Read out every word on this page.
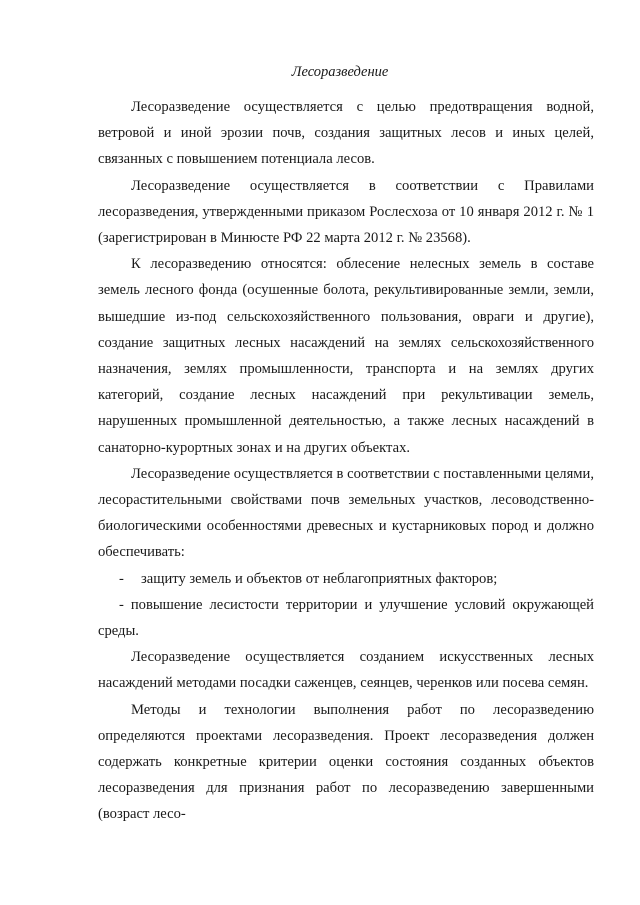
Лесоразведение

Лесоразведение осуществляется с целью предотвращения водной, ветровой и иной эрозии почв, создания защитных лесов и иных целей, связанных с повышением потенциала лесов.

Лесоразведение осуществляется в соответствии с Правилами лесоразведения, утвержденными приказом Рослесхоза от 10 января 2012 г. № 1 (зарегистрирован в Минюсте РФ 22 марта 2012 г. № 23568).

К лесоразведению относятся: облесение нелесных земель в составе земель лесного фонда (осушенные болота, рекультивированные земли, земли, вышедшие из-под сельскохозяйственного пользования, овраги и другие), создание защитных лесных насаждений на землях сельскохозяйственного назначения, землях промышленности, транспорта и на землях других категорий, создание лесных насаждений при рекультивации земель, нарушенных промышленной деятельностью, а также лесных насаждений в санаторно-курортных зонах и на других объектах.

Лесоразведение осуществляется в соответствии с поставленными целями, лесорастительными свойствами почв земельных участков, лесоводственно-биологическими особенностями древесных и кустарниковых пород и должно обеспечивать:

- защиту земель и объектов от неблагоприятных факторов;

- повышение лесистости территории и улучшение условий окружающей среды.

Лесоразведение осуществляется созданием искусственных лесных насаждений методами посадки саженцев, сеянцев, черенков или посева семян.

Методы и технологии выполнения работ по лесоразведению определяются проектами лесоразведения. Проект лесоразведения должен содержать конкретные критерии оценки состояния созданных объектов лесоразведения для признания работ по лесоразведению завершенными (возраст лесо-
